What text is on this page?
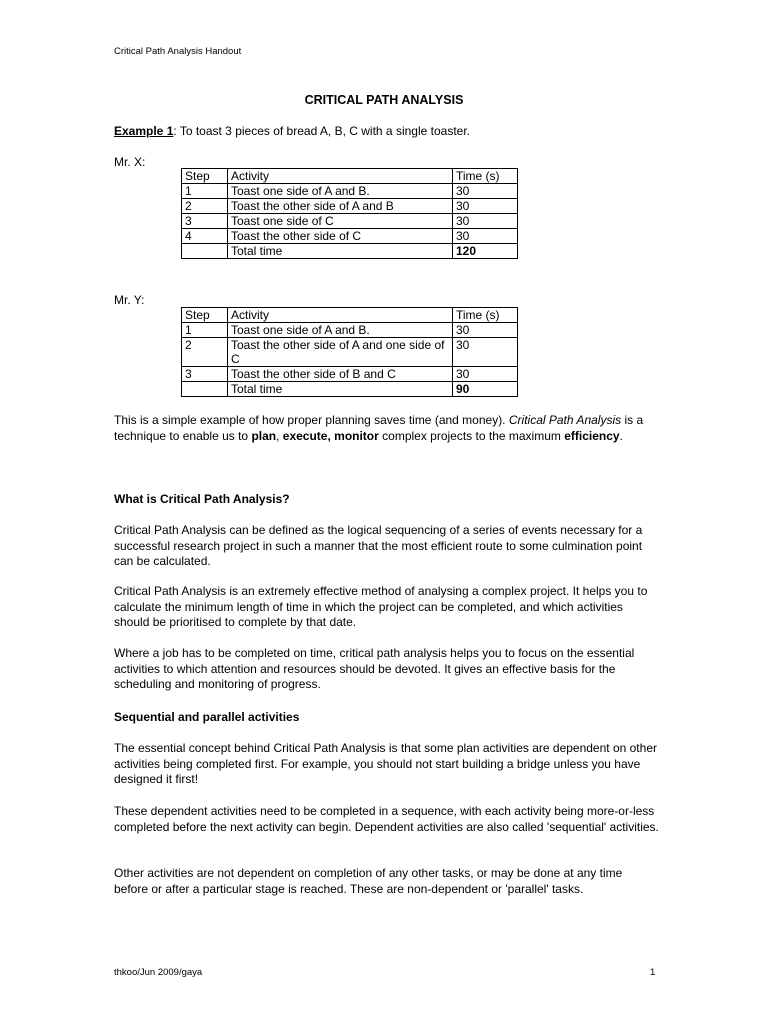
Critical Path Analysis Handout
CRITICAL PATH ANALYSIS
Example 1: To toast 3 pieces of bread A, B, C with a single toaster.
Mr. X:
Step	Activity	Time (s)
1	Toast one side of A and B.	30
2	Toast the other side of A and B	30
3	Toast one side of C	30
4	Toast the other side of C	30
	Total time	120
Mr. Y:
Step	Activity	Time (s)
1	Toast one side of A and B.	30
2	Toast the other side of A and one side of C	30
3	Toast the other side of B and C	30
	Total time	90
This is a simple example of how proper planning saves time (and money). Critical Path Analysis is a technique to enable us to plan, execute, monitor complex projects to the maximum efficiency.
What is Critical Path Analysis?
Critical Path Analysis can be defined as the logical sequencing of a series of events necessary for a successful research project in such a manner that the most efficient route to some culmination point can be calculated.
Critical Path Analysis is an extremely effective method of analysing a complex project. It helps you to calculate the minimum length of time in which the project can be completed, and which activities should be prioritised to complete by that date.
Where a job has to be completed on time, critical path analysis helps you to focus on the essential activities to which attention and resources should be devoted. It gives an effective basis for the scheduling and monitoring of progress.
Sequential and parallel activities
The essential concept behind Critical Path Analysis is that some plan activities are dependent on other activities being completed first. For example, you should not start building a bridge unless you have designed it first!
These dependent activities need to be completed in a sequence, with each activity being more-or-less completed before the next activity can begin. Dependent activities are also called 'sequential' activities.
Other activities are not dependent on completion of any other tasks, or may be done at any time before or after a particular stage is reached. These are non-dependent or 'parallel' tasks.
thkoo/Jun 2009/gaya	1
